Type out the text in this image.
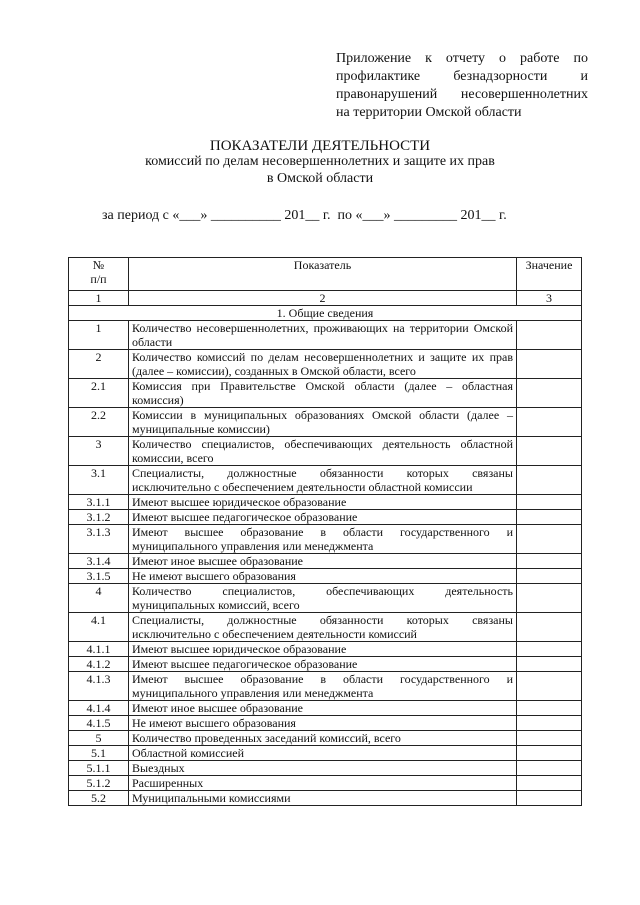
Приложение к отчету о работе по
профилактике безнадзорности и
правонарушений несовершеннолетних
на территории Омской области
ПОКАЗАТЕЛИ ДЕЯТЕЛЬНОСТИ
комиссий по делам несовершеннолетних и защите их прав
в Омской области
за период с «___» __________ 201__ г.  по «___» _________ 201__ г.
№
п/п	Показатель	Значение
1	2	3
1. Общие сведения		
1	Количество несовершеннолетних, проживающих на территории Омской области	
2	Количество комиссий по делам несовершеннолетних и защите их прав (далее – комиссии), созданных в Омской области, всего	
2.1	Комиссия при Правительстве Омской области (далее – областная комиссия)	
2.2	Комиссии в муниципальных образованиях Омской области (далее – муниципальные комиссии)	
3	Количество специалистов, обеспечивающих деятельность областной комиссии, всего	
3.1	Специалисты, должностные обязанности которых связаны исключительно с обеспечением деятельности областной комиссии	
3.1.1	Имеют высшее юридическое образование	
3.1.2	Имеют высшее педагогическое образование	
3.1.3	Имеют высшее образование в области государственного и муниципального управления или менеджмента	
3.1.4	Имеют иное высшее образование	
3.1.5	Не имеют высшего образования	
4	Количество специалистов, обеспечивающих деятельность муниципальных комиссий, всего	
4.1	Специалисты, должностные обязанности которых связаны исключительно с обеспечением деятельности комиссий	
4.1.1	Имеют высшее юридическое образование	
4.1.2	Имеют высшее педагогическое образование	
4.1.3	Имеют высшее образование в области государственного и муниципального управления или менеджмента	
4.1.4	Имеют иное высшее образование	
4.1.5	Не имеют высшего образования	
5	Количество проведенных заседаний комиссий, всего	
5.1	Областной комиссией	
5.1.1	Выездных	
5.1.2	Расширенных	
5.2	Муниципальными комиссиями	
